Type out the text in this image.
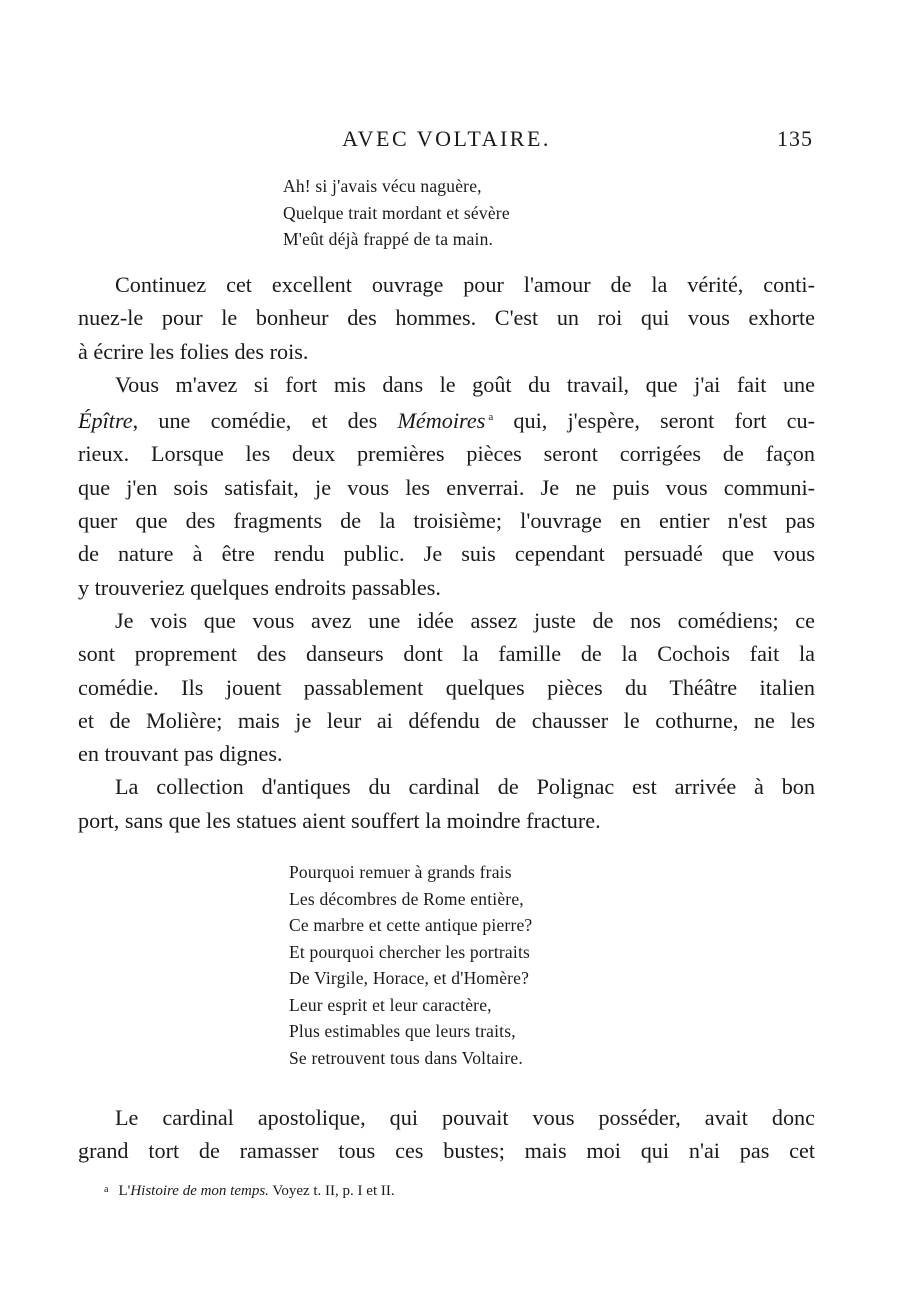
AVEC VOLTAIRE.	135
Ah! si j'avais vécu naguère,
Quelque trait mordant et sévère
M'eût déjà frappé de ta main.
Continuez cet excellent ouvrage pour l'amour de la vérité, conti-
nuez-le pour le bonheur des hommes. C'est un roi qui vous exhorte
à écrire les folies des rois.
Vous m'avez si fort mis dans le goût du travail, que j'ai fait une
Épître, une comédie, et des Mémoires $^a$ qui, j'espère, seront fort cu-
rieux. Lorsque les deux premières pièces seront corrigées de façon
que j'en sois satisfait, je vous les enverrai. Je ne puis vous communi-
quer que des fragments de la troisième; l'ouvrage en entier n'est pas
de nature à être rendu public. Je suis cependant persuadé que vous
y trouveriez quelques endroits passables.
Je vois que vous avez une idée assez juste de nos comédiens; ce
sont proprement des danseurs dont la famille de la Cochois fait la
comédie. Ils jouent passablement quelques pièces du Théâtre italien
et de Molière; mais je leur ai défendu de chausser le cothurne, ne les
en trouvant pas dignes.
La collection d'antiques du cardinal de Polignac est arrivée à bon
port, sans que les statues aient souffert la moindre fracture.
Pourquoi remuer à grands frais
Les décombres de Rome entière,
Ce marbre et cette antique pierre?
Et pourquoi chercher les portraits
De Virgile, Horace, et d'Homère?
Leur esprit et leur caractère,
Plus estimables que leurs traits,
Se retrouvent tous dans Voltaire.
Le cardinal apostolique, qui pouvait vous posséder, avait donc
grand tort de ramasser tous ces bustes; mais moi qui n'ai pas cet
$^a$ L'Histoire de mon temps. Voyez t. II, p. I et II.
